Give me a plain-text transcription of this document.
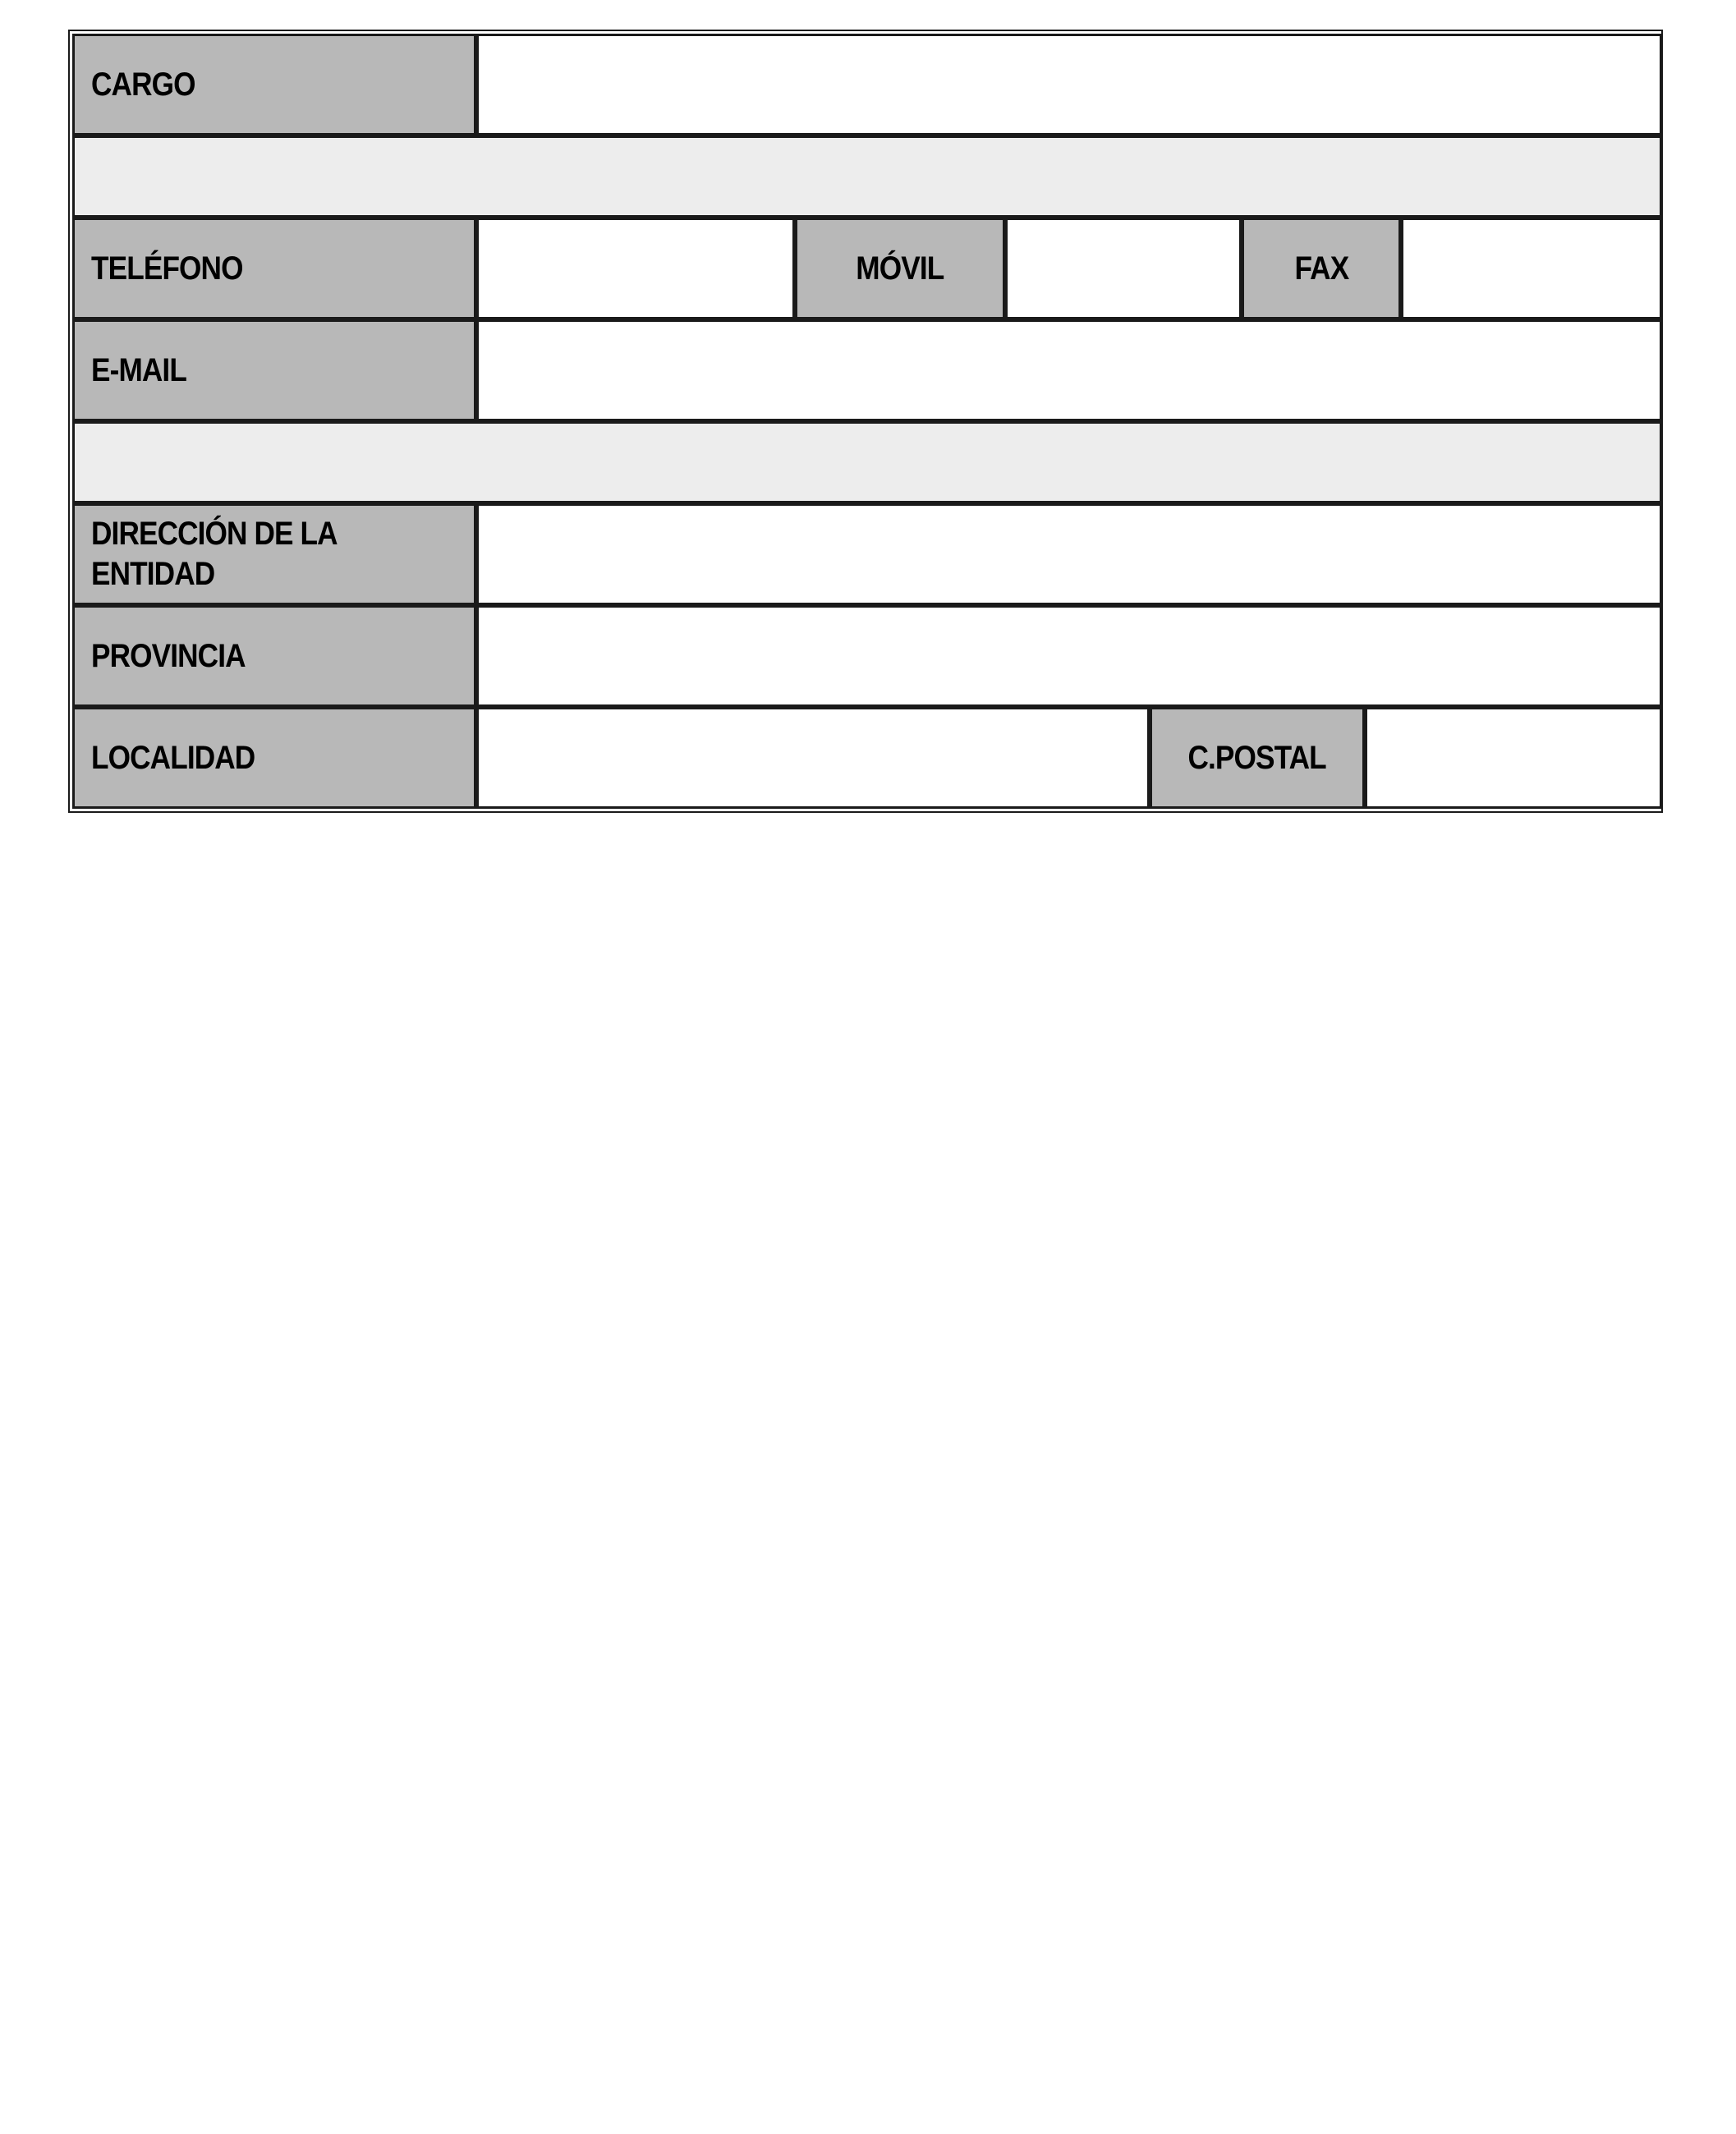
CARGO
TELÉFONO	MÓVIL	FAX
E-MAIL
DIRECCIÓN DE LA
ENTIDAD
PROVINCIA
LOCALIDAD	C.POSTAL
